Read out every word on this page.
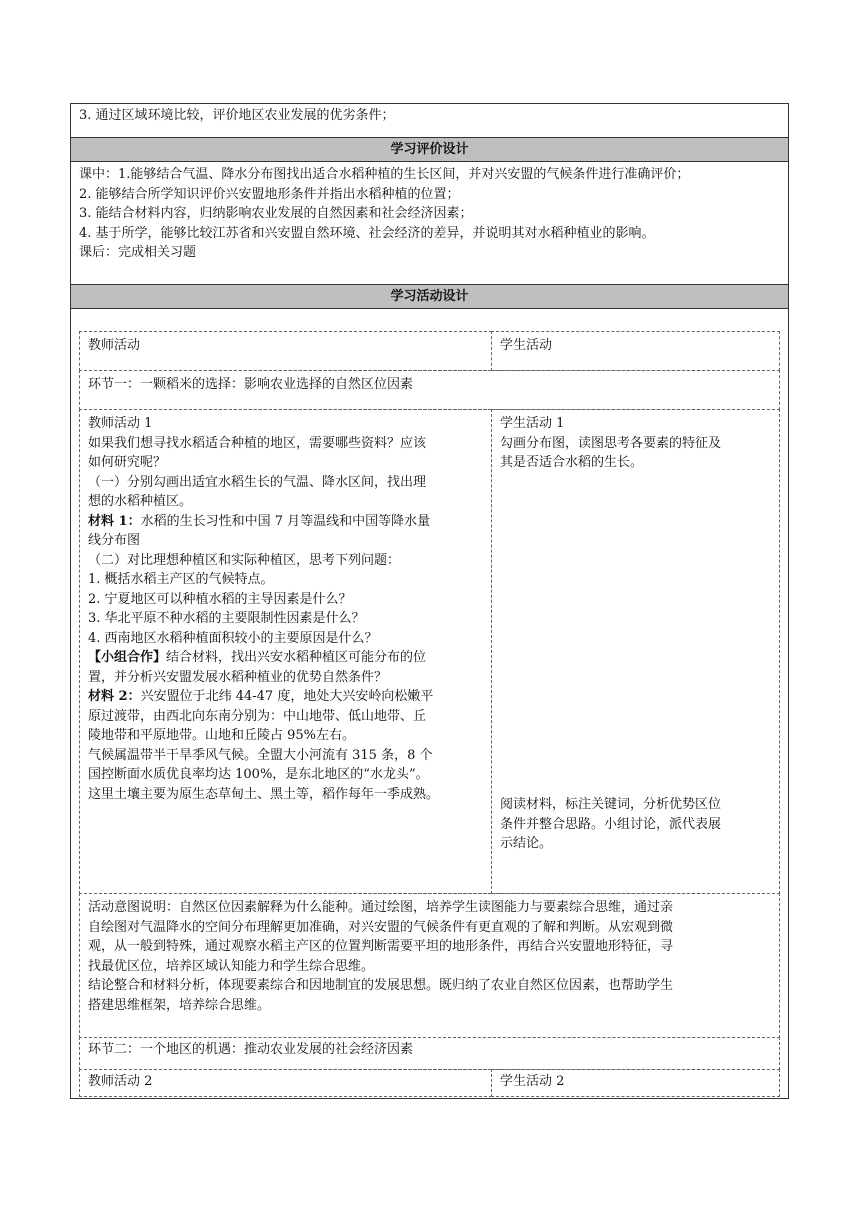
3. 通过区域环境比较，评价地区农业发展的优劣条件；
学习评价设计
课中：1.能够结合气温、降水分布图找出适合水稻种植的生长区间，并对兴安盟的气候条件进行准确评价；
2. 能够结合所学知识评价兴安盟地形条件并指出水稻种植的位置；
3. 能结合材料内容，归纳影响农业发展的自然因素和社会经济因素；
4. 基于所学，能够比较江苏省和兴安盟自然环境、社会经济的差异，并说明其对水稻种植业的影响。
课后：完成相关习题
学习活动设计
教师活动	学生活动
环节一：一颗稻米的选择：影响农业选择的自然区位因素
教师活动 1
如果我们想寻找水稻适合种植的地区，需要哪些资料？应该
如何研究呢？
（一）分别勾画出适宜水稻生长的气温、降水区间，找出理
想的水稻种植区。
材料 1：水稻的生长习性和中国 7 月等温线和中国等降水量
线分布图
（二）对比理想种植区和实际种植区，思考下列问题：
1. 概括水稻主产区的气候特点。
2. 宁夏地区可以种植水稻的主导因素是什么？
3. 华北平原不种水稻的主要限制性因素是什么？
4. 西南地区水稻种植面积较小的主要原因是什么？
【小组合作】结合材料，找出兴安水稻种植区可能分布的位
置，并分析兴安盟发展水稻种植业的优势自然条件？
材料 2：兴安盟位于北纬 44-47 度，地处大兴安岭向松嫩平
原过渡带，由西北向东南分别为：中山地带、低山地带、丘
陵地带和平原地带。山地和丘陵占 95%左右。
气候属温带半干旱季风气候。全盟大小河流有 315 条，8 个
国控断面水质优良率均达 100%，是东北地区的“水龙头”。
这里土壤主要为原生态草甸土、黑土等，稻作每年一季成熟。
学生活动 1
勾画分布图，读图思考各要素的特征及
其是否适合水稻的生长。
阅读材料，标注关键词，分析优势区位
条件并整合思路。小组讨论，派代表展
示结论。
活动意图说明：自然区位因素解释为什么能种。通过绘图，培养学生读图能力与要素综合思维，通过亲
自绘图对气温降水的空间分布理解更加准确，对兴安盟的气候条件有更直观的了解和判断。从宏观到微
观，从一般到特殊，通过观察水稻主产区的位置判断需要平坦的地形条件，再结合兴安盟地形特征，寻
找最优区位，培养区域认知能力和学生综合思维。
结论整合和材料分析，体现要素综合和因地制宜的发展思想。既归纳了农业自然区位因素，也帮助学生
搭建思维框架，培养综合思维。
环节二：一个地区的机遇：推动农业发展的社会经济因素
教师活动 2	学生活动 2
